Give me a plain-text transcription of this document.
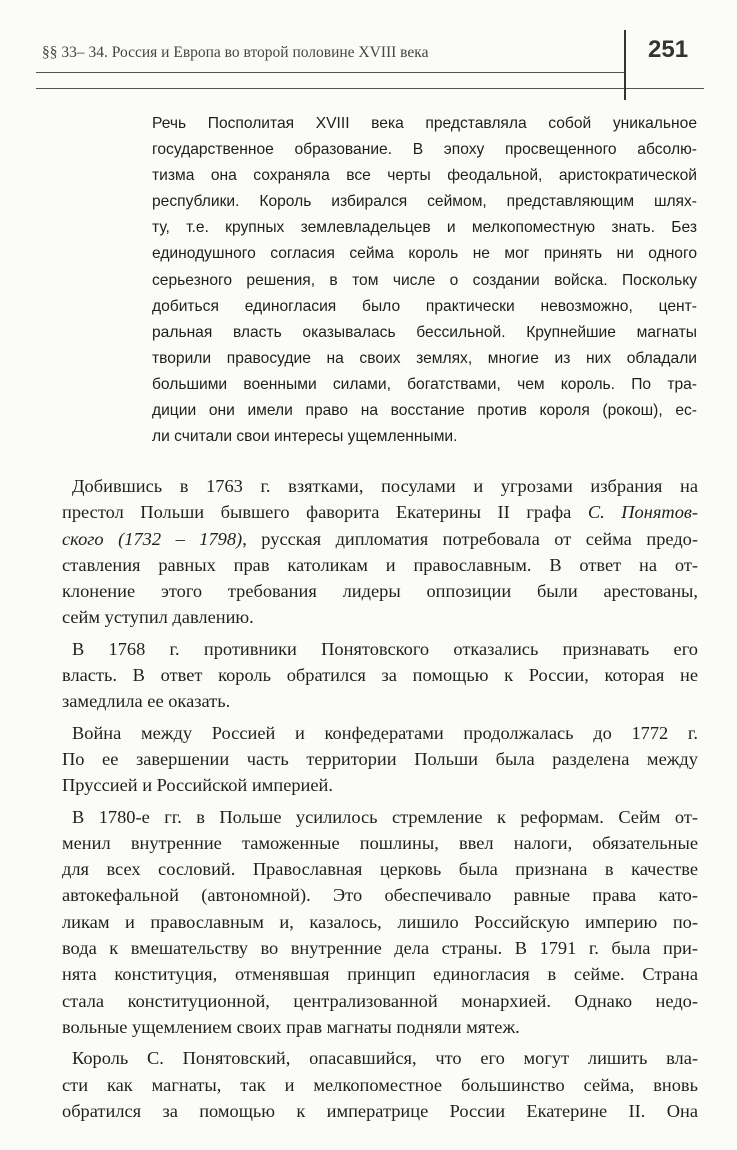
§§ 33– 34. Россия и Европа во второй половине XVIII века	251
Речь Посполитая XVIII века представляла собой уникальное
государственное образование. В эпоху просвещенного абсолю-
тизма она сохраняла все черты феодальной, аристократической
республики. Король избирался сеймом, представляющим шлях-
ту, т.е. крупных землевладельцев и мелкопоместную знать. Без
единодушного согласия сейма король не мог принять ни одного
серьезного решения, в том числе о создании войска. Поскольку
добиться единогласия было практически невозможно, цент-
ральная власть оказывалась бессильной. Крупнейшие магнаты
творили правосудие на своих землях, многие из них обладали
большими военными силами, богатствами, чем король. По тра-
диции они имели право на восстание против короля (рокош), ес-
ли считали свои интересы ущемленными.
Добившись в 1763 г. взятками, посулами и угрозами избрания на
престол Польши бывшего фаворита Екатерины II графа С. Понятов-
ского (1732 – 1798), русская дипломатия потребовала от сейма предо-
ставления равных прав католикам и православным. В ответ на от-
клонение этого требования лидеры оппозиции были арестованы,
сейм уступил давлению.
В 1768 г. противники Понятовского отказались признавать его
власть. В ответ король обратился за помощью к России, которая не
замедлила ее оказать.
Война между Россией и конфедератами продолжалась до 1772 г.
По ее завершении часть территории Польши была разделена между
Пруссией и Российской империей.
В 1780-е гг. в Польше усилилось стремление к реформам. Сейм от-
менил внутренние таможенные пошлины, ввел налоги, обязательные
для всех сословий. Православная церковь была признана в качестве
автокефальной (автономной). Это обеспечивало равные права като-
ликам и православным и, казалось, лишило Российскую империю по-
вода к вмешательству во внутренние дела страны. В 1791 г. была при-
нята конституция, отменявшая принцип единогласия в сейме. Страна
стала конституционной, централизованной монархией. Однако недо-
вольные ущемлением своих прав магнаты подняли мятеж.
Король С. Понятовский, опасавшийся, что его могут лишить вла-
сти как магнаты, так и мелкопоместное большинство сейма, вновь
обратился за помощью к императрице России Екатерине II. Она
